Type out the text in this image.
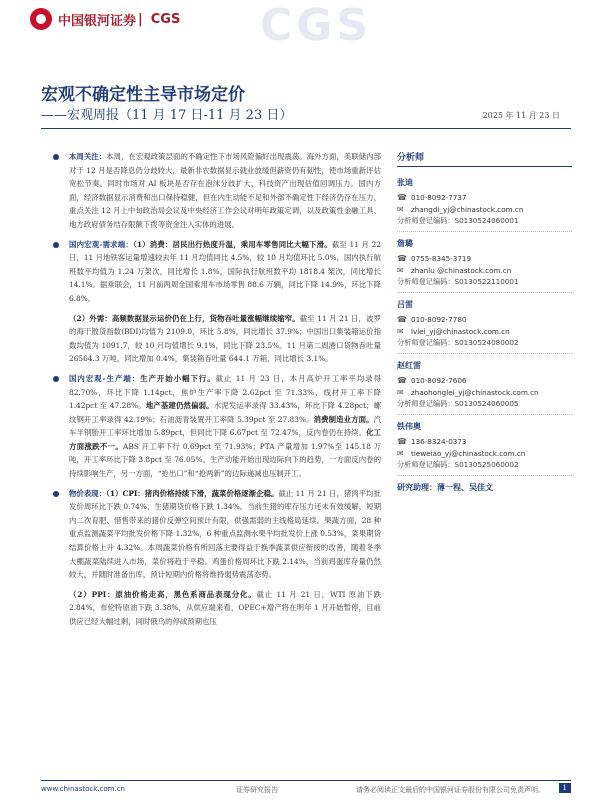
中国银河证券 | CGS CGS
宏观不确定性主导市场定价
——宏观周报（11 月 17 日-11 月 23 日）	2025 年 11 月 23 日
本周关注：本周，在宏观政策层面的不确定性下市场风险偏好出现震荡。海外方面，美联储内部对于 12 月是否降息仍分歧较大，最新非农数据显示就业放缓但薪资仍有韧性，使市场重新评估宽松节奏。同时市场对 AI 板块是否存在泡沫分歧扩大，科技资产出现估值回调压力。国内方面，经济数据显示消费和出口保持稳健，但在内生动能不足和外部不确定性下经济仍存在压力，重点关注 12 月上中旬政治局会议及中央经济工作会议对明年政策定调，以及政策性金融工具、地方政府债务结存限额下拨等资金注入实体的进展。
国内宏观-需求端：（1）消费：居民出行热度升温，乘用车零售同比大幅下滑。截至 11 月 22 日，11 月地铁客运量增速较去年 11 月均值同比 4.5%，较 10 月均值环比 5.0%，国内执行航班数平均值为 1.24 万架次，同比增长 1.8%，国际执行航班数平均 1818.4 架次，同比增长 14.1%。据乘联会，11 月前两周全国乘用车市场零售 88.6 万辆，同比下降 14.9%，环比下降 6.8%。
（2）外需：高频数据显示运价仍在上行，货物吞吐量涨幅继续缩窄。截至 11 月 21 日，波罗的海干散货指数(BDI)均值为 2109.0，环比 5.8%，同比增长 37.9%；中国出口集装箱运价指数均值为 1091.7，较 10 月均值增长 9.1%，同比下降 23.5%。11 月第二周港口货物吞吐量 26564.3 万吨，同比增加 0.4%，集装箱吞吐量 644.1 万箱，同比增长 3.1%。
国内宏观-生产端：生产开始小幅下行。截止 11 月 23 日，本月高炉开工率平均录得 82.70%，环比下降 1.14pct，焦炉生产率下降 2.62pct 至 71.33%，线材开工率下降 1.42pct 至 47.28%。地产基建仍然偏弱。水泥发运率录得 33.43%，环比下降 4.28pct；螺纹钢开工率录得 42.19%；石油沥青装置开工率降 5.39pct 至 27.83%。消费制造业方面。汽车半钢胎开工率环比增加 5.89pct，但同比下降 6.67pct 至 72.47%，反内卷仍在持续。化工方面涨跌不一。ABS 开工率下行 0.69pct 至 71.93%；PTA 产量增加 1.97%至 145.18 万吨，开工率环比下降 3.8pct 至 76.05%。生产动能开始出现边际向下的趋势，一方面反内卷的持续影响生产，另一方面，“抢出口”和“抢两新”的边际递减也压制开工。
物价表现：（1）CPI：猪肉价格持续下滑，蔬菜价格逐渐企稳。截止 11 月 21 日，猪肉平均批发价周环比下跌 0.74%，生猪期货价格下跌 1.34%。当前生猪的库存压力还未有效缓解，短期内二次育肥、惜售带来的猪价反弹空间预计有限，供强需弱的主线格局延续。果蔬方面，28 种重点监测蔬菜平均批发价格下降 1.32%，6 种重点监测水果平均批发价上涨 0.53%，菜果期货结算价格上升 4.32%。本周蔬菜价格有所回落主要得益于换季蔬菜供应衔接的改善，随着冬季大棚蔬菜陆续进入市场，菜价将趋于平稳。鸡蛋价格周环比下跌 2.14%，当前鸡蛋库存量仍然较大，并随时准备出库，预计短期内价格将维持弱势震荡态势。
（2）PPI：原油价格走高，黑色系商品表现分化。截止 11 月 21 日，WTI 原油下跌 2.84%，布伦特原油下跌 3.38%，从供应端来看，OPEC+增产将在明年 1 月开始暂停，目前供应已经大幅过剩，同时俄乌的停战预期也压
分析师
张迪
☎ 010-8092-7737
✉	zhangdi_yj@chinastock.com.cn
分析师登记编码：S0130524060001
詹璐
☎ 0755-8345-3719
✉	zhanlu @chinastock.com.cn
分析师登记编码：S0130522110001
吕雷
☎ 010-8092-7780
✉	lvlei_yj@chinastock.com.cn
分析师登记编码：S0130524080002
赵红雷
☎ 010-8092-7606
✉	zhaohonglei_yj@chinastock.com.cn
分析师登记编码：S0130524060005
铁伟奥
☎ 136-8324-0373
✉	tieweiao_yj@chinastock.com.cn
分析师登记编码：S0130525060002
研究助理：薄一程、吴佳文
www.chinastock.com.cn	证券研究报告	请务必阅读正文最后的中国银河证券股份有限公司免责声明。	1
